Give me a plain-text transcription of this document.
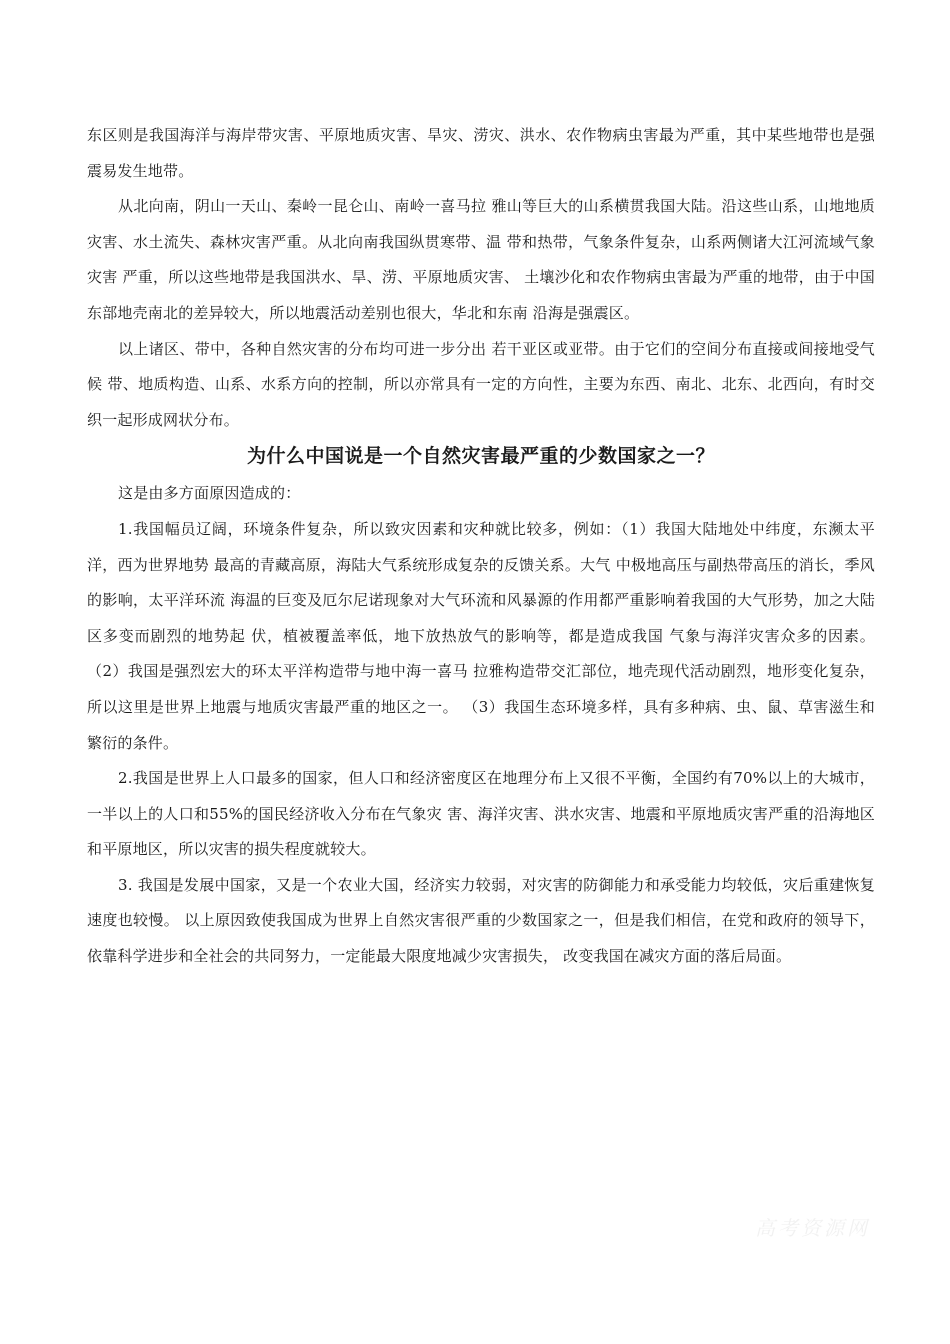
东区则是我国海洋与海岸带灾害、平原地质灾害、旱灾、涝灾、洪水、农作物病虫害最为严重，其中某些地带也是强震易发生地带。

从北向南，阴山一天山、秦岭一昆仑山、南岭一喜马拉 雅山等巨大的山系横贯我国大陆。沿这些山系，山地地质灾害、水土流失、森林灾害严重。从北向南我国纵贯寒带、温 带和热带，气象条件复杂，山系两侧诸大江河流域气象灾害 严重，所以这些地带是我国洪水、旱、涝、平原地质灾害、 土壤沙化和农作物病虫害最为严重的地带，由于中国东部地壳南北的差异较大，所以地震活动差别也很大，华北和东南 沿海是强震区。

以上诸区、带中，各种自然灾害的分布均可进一步分出 若干亚区或亚带。由于它们的空间分布直接或间接地受气候 带、地质构造、山系、水系方向的控制，所以亦常具有一定的方向性，主要为东西、南北、北东、北西向，有时交织一起形成网状分布。

为什么中国说是一个自然灾害最严重的少数国家之一？

这是由多方面原因造成的：

1.我国幅员辽阔，环境条件复杂，所以致灾因素和灾种就比较多，例如：（1）我国大陆地处中纬度，东濒太平洋，西为世界地势 最高的青藏高原，海陆大气系统形成复杂的反馈关系。大气 中极地高压与副热带高压的消长，季风的影响，太平洋环流 海温的巨变及厄尔尼诺现象对大气环流和风暴源的作用都严重影响着我国的大气形势，加之大陆区多变而剧烈的地势起 伏，植被覆盖率低，地下放热放气的影响等，都是造成我国 气象与海洋灾害众多的因素。 （2）我国是强烈宏大的环太平洋构造带与地中海一喜马 拉雅构造带交汇部位，地壳现代活动剧烈，地形变化复杂，所以这里是世界上地震与地质灾害最严重的地区之一。 （3）我国生态环境多样，具有多种病、虫、鼠、草害滋生和繁衍的条件。

2.我国是世界上人口最多的国家，但人口和经济密度区在地理分布上又很不平衡，全国约有70%以上的大城市，一半以上的人口和55%的国民经济收入分布在气象灾 害、海洋灾害、洪水灾害、地震和平原地质灾害严重的沿海地区和平原地区，所以灾害的损失程度就较大。

3. 我国是发展中国家，又是一个农业大国，经济实力较弱，对灾害的防御能力和承受能力均较低，灾后重建恢复速度也较慢。 以上原因致使我国成为世界上自然灾害很严重的少数国家之一，但是我们相信，在党和政府的领导下，依靠科学进步和全社会的共同努力，一定能最大限度地减少灾害损失， 改变我国在减灾方面的落后局面。

高考资源网
